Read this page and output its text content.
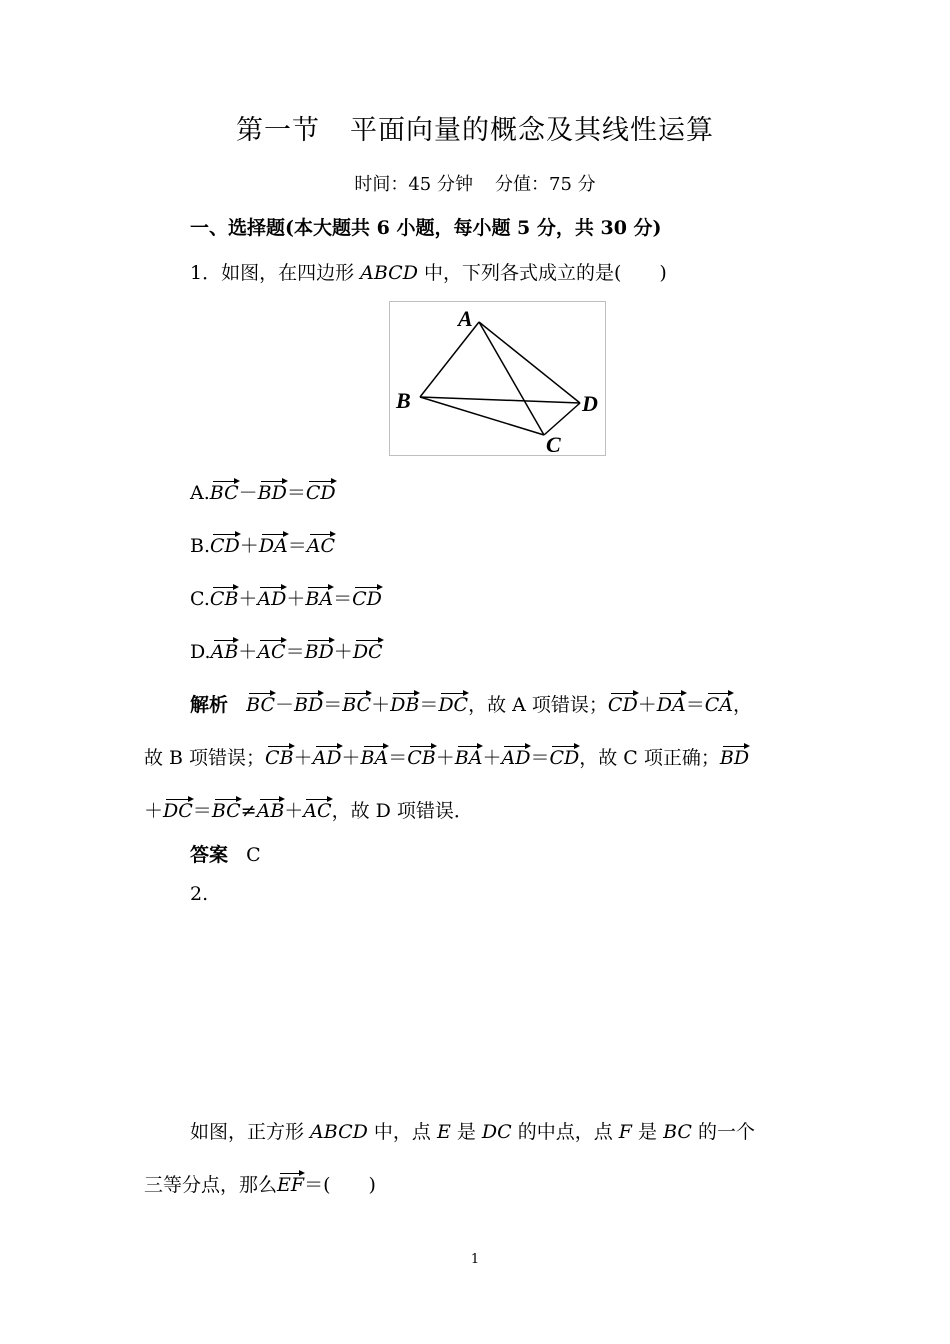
第一节 平面向量的概念及其线性运算
时间：45 分钟 分值：75 分
一、选择题(本大题共 6 小题，每小题 5 分，共 30 分)
1．如图，在四边形 ABCD 中，下列各式成立的是(　　)
A
B
C
D
A.BC－BD＝CD
B.CD＋DA＝AC
C.CB＋AD＋BA＝CD
D.AB＋AC＝BD＋DC
解析 BC－BD＝BC＋DB＝DC，故 A 项错误；CD＋DA＝CA，
故 B 项错误；CB＋AD＋BA＝CB＋BA＋AD＝CD，故 C 项正确；BD
＋DC＝BC≠AB＋AC，故 D 项错误．
答案 C
2.
如图，正方形 ABCD 中，点 E 是 DC 的中点，点 F 是 BC 的一个
三等分点，那么EF＝(　　)
1
